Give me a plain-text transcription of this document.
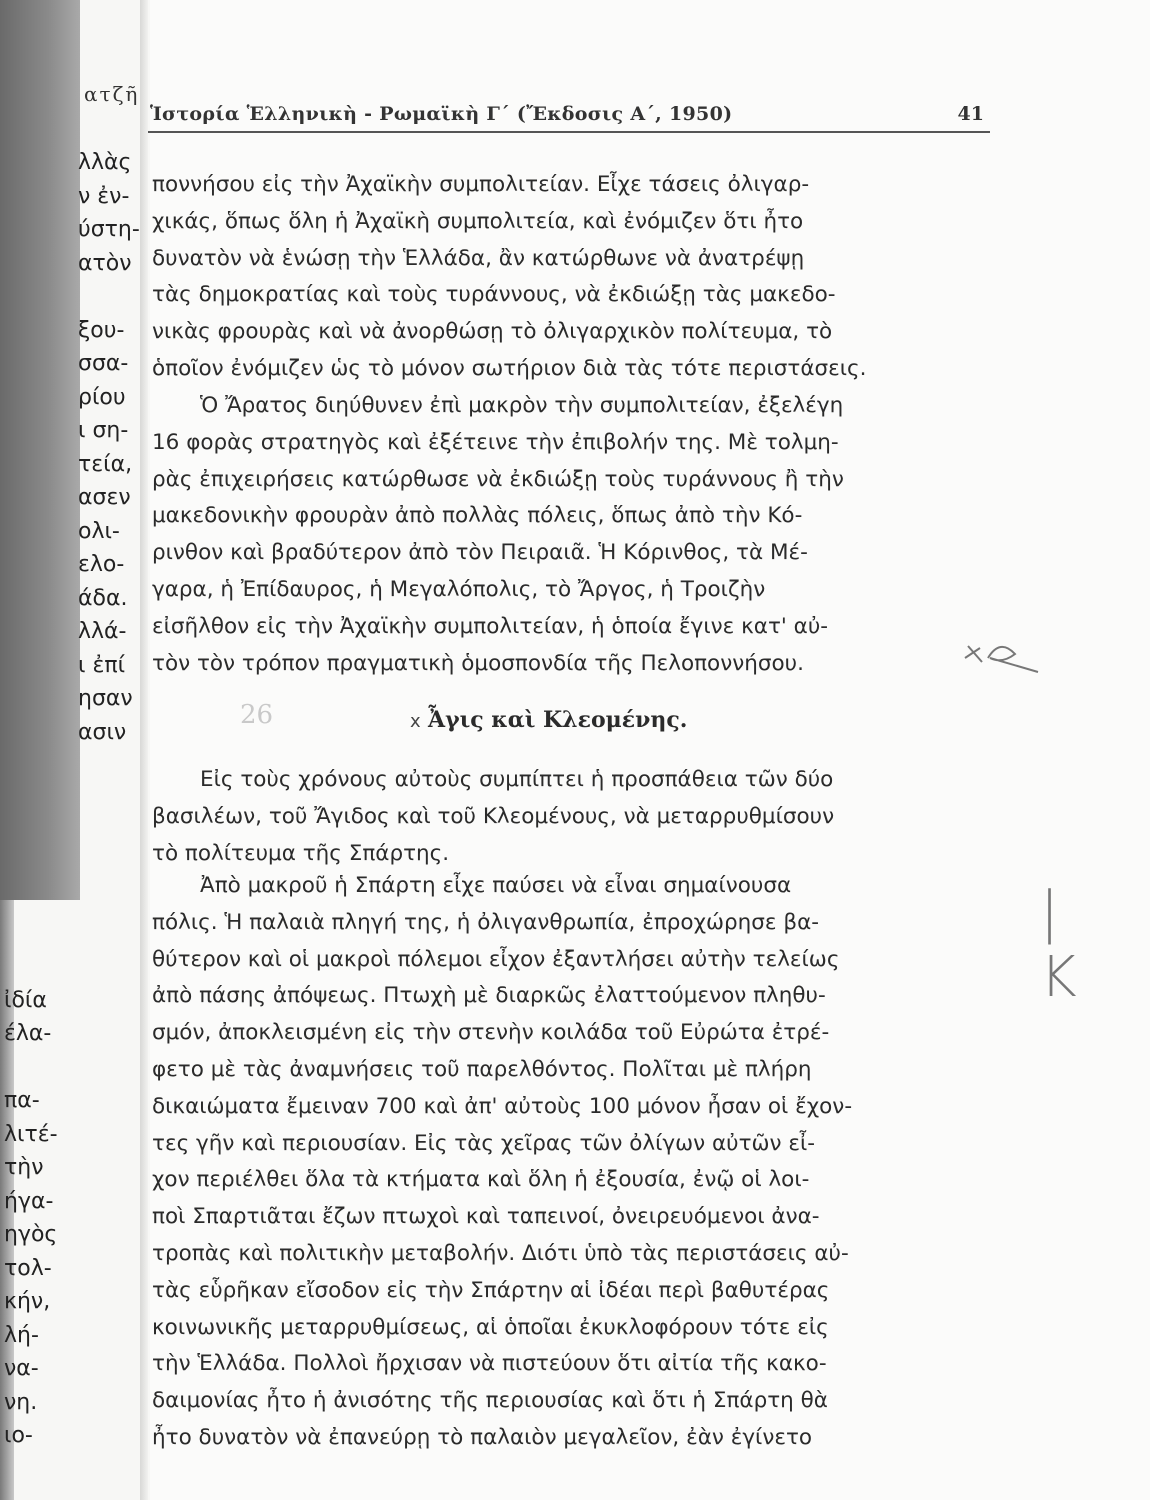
ατζῆ
λλὰς
ν ἐν-
ύστη-
ατὸν
ξου-
σσα-
ρίου
ι ση-
τεία,
ασεν
ολι-
ελο-
άδα.
λλά-
ι ἐπί
ησαν
ασιν
ἰδία
έλα-
πα-
λιτέ-
τὴν
ήγα-
ηγὸς
τολ-
κήν,
λή-
να-
νη.
ιο-
Ἱστορία Ἑλληνικὴ - Ρωμαϊκὴ Γ΄ (Ἔκδοσις Α΄, 1950)	41
ποννήσου εἰς τὴν Ἀχαϊκὴν συμπολιτείαν. Εἶχε τάσεις ὀλιγαρ-
χικάς, ὅπως ὅλη ἡ Ἀχαϊκὴ συμπολιτεία, καὶ ἐνόμιζεν ὅτι ἦτο
δυνατὸν νὰ ἑνώσῃ τὴν Ἑλλάδα, ἂν κατώρθωνε νὰ ἀνατρέψῃ
τὰς δημοκρατίας καὶ τοὺς τυράννους, νὰ ἐκδιώξῃ τὰς μακεδο-
νικὰς φρουρὰς καὶ νὰ ἀνορθώσῃ τὸ ὀλιγαρχικὸν πολίτευμα, τὸ
ὁποῖον ἐνόμιζεν ὡς τὸ μόνον σωτήριον διὰ τὰς τότε περιστάσεις.
Ὁ Ἄρατος διηύθυνεν ἐπὶ μακρὸν τὴν συμπολιτείαν, ἐξελέγη
16 φορὰς στρατηγὸς καὶ ἐξέτεινε τὴν ἐπιβολήν της. Μὲ τολμη-
ρὰς ἐπιχειρήσεις κατώρθωσε νὰ ἐκδιώξῃ τοὺς τυράννους ἢ τὴν
μακεδονικὴν φρουρὰν ἀπὸ πολλὰς πόλεις, ὅπως ἀπὸ τὴν Κό-
ρινθον καὶ βραδύτερον ἀπὸ τὸν Πειραιᾶ. Ἡ Κόρινθος, τὰ Μέ-
γαρα, ἡ Ἐπίδαυρος, ἡ Μεγαλόπολις, τὸ Ἄργος, ἡ Τροιζὴν
εἰσῆλθον εἰς τὴν Ἀχαϊκὴν συμπολιτείαν, ἡ ὁποία ἔγινε κατ' αὐ-
τὸν τὸν τρόπον πραγματικὴ ὁμοσπονδία τῆς Πελοποννήσου.
26	x Ἆγις καὶ Κλεομένης.
Εἰς τοὺς χρόνους αὐτοὺς συμπίπτει ἡ προσπάθεια τῶν δύο
βασιλέων, τοῦ Ἄγιδος καὶ τοῦ Κλεομένους, νὰ μεταρρυθμίσουν
τὸ πολίτευμα τῆς Σπάρτης.
Ἀπὸ μακροῦ ἡ Σπάρτη εἶχε παύσει νὰ εἶναι σημαίνουσα
πόλις. Ἡ παλαιὰ πληγή της, ἡ ὀλιγανθρωπία, ἐπροχώρησε βα-
θύτερον καὶ οἱ μακροὶ πόλεμοι εἶχον ἐξαντλήσει αὐτὴν τελείως
ἀπὸ πάσης ἀπόψεως. Πτωχὴ μὲ διαρκῶς ἐλαττούμενον πληθυ-
σμόν, ἀποκλεισμένη εἰς τὴν στενὴν κοιλάδα τοῦ Εὐρώτα ἐτρέ-
φετο μὲ τὰς ἀναμνήσεις τοῦ παρελθόντος. Πολῖται μὲ πλήρη
δικαιώματα ἔμειναν 700 καὶ ἀπ' αὐτοὺς 100 μόνον ἦσαν οἱ ἔχον-
τες γῆν καὶ περιουσίαν. Εἰς τὰς χεῖρας τῶν ὀλίγων αὐτῶν εἶ-
χον περιέλθει ὅλα τὰ κτήματα καὶ ὅλη ἡ ἐξουσία, ἐνῷ οἱ λοι-
ποὶ Σπαρτιᾶται ἔζων πτωχοὶ καὶ ταπεινοί, ὀνειρευόμενοι ἀνα-
τροπὰς καὶ πολιτικὴν μεταβολήν. Διότι ὑπὸ τὰς περιστάσεις αὐ-
τὰς εὗρῆκαν εἴσοδον εἰς τὴν Σπάρτην αἱ ἰδέαι περὶ βαθυτέρας
κοινωνικῆς μεταρρυθμίσεως, αἱ ὁποῖαι ἐκυκλοφόρουν τότε εἰς
τὴν Ἑλλάδα. Πολλοὶ ἤρχισαν νὰ πιστεύουν ὅτι αἰτία τῆς κακο-
δαιμονίας ἦτο ἡ ἀνισότης τῆς περιουσίας καὶ ὅτι ἡ Σπάρτη θὰ
ἦτο δυνατὸν νὰ ἐπανεύρῃ τὸ παλαιὸν μεγαλεῖον, ἐὰν ἐγίνετο
| K
